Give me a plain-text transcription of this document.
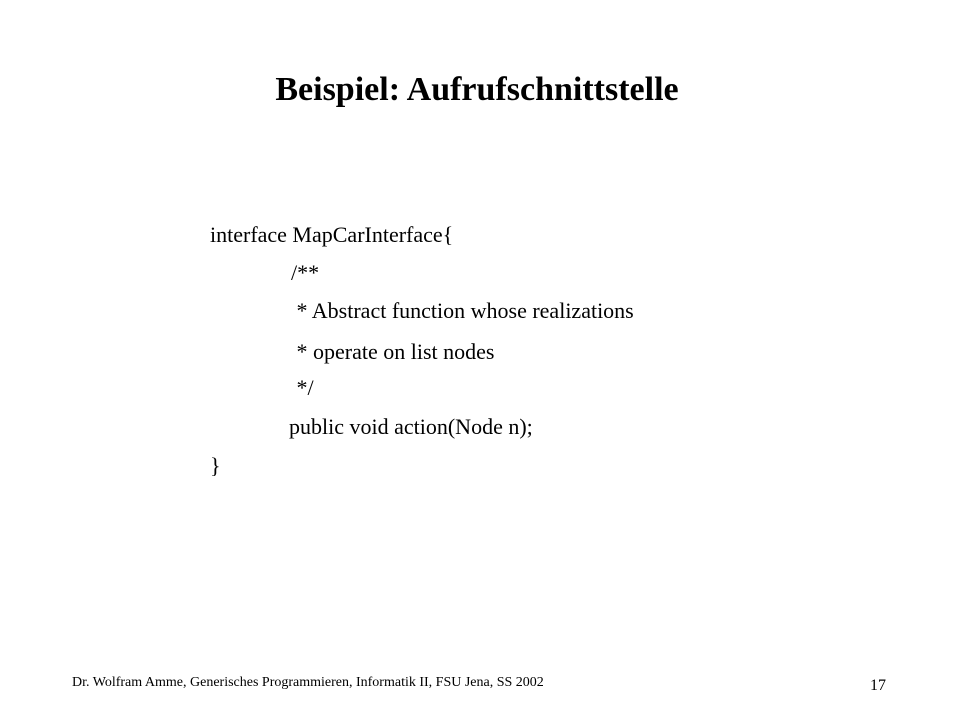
Beispiel: Aufrufschnittstelle
interface MapCarInterface{
/**
* Abstract function whose realizations
* operate on list nodes
*/
public void action(Node n);
}
Dr. Wolfram Amme, Generisches Programmieren, Informatik II, FSU Jena, SS 2002	17
